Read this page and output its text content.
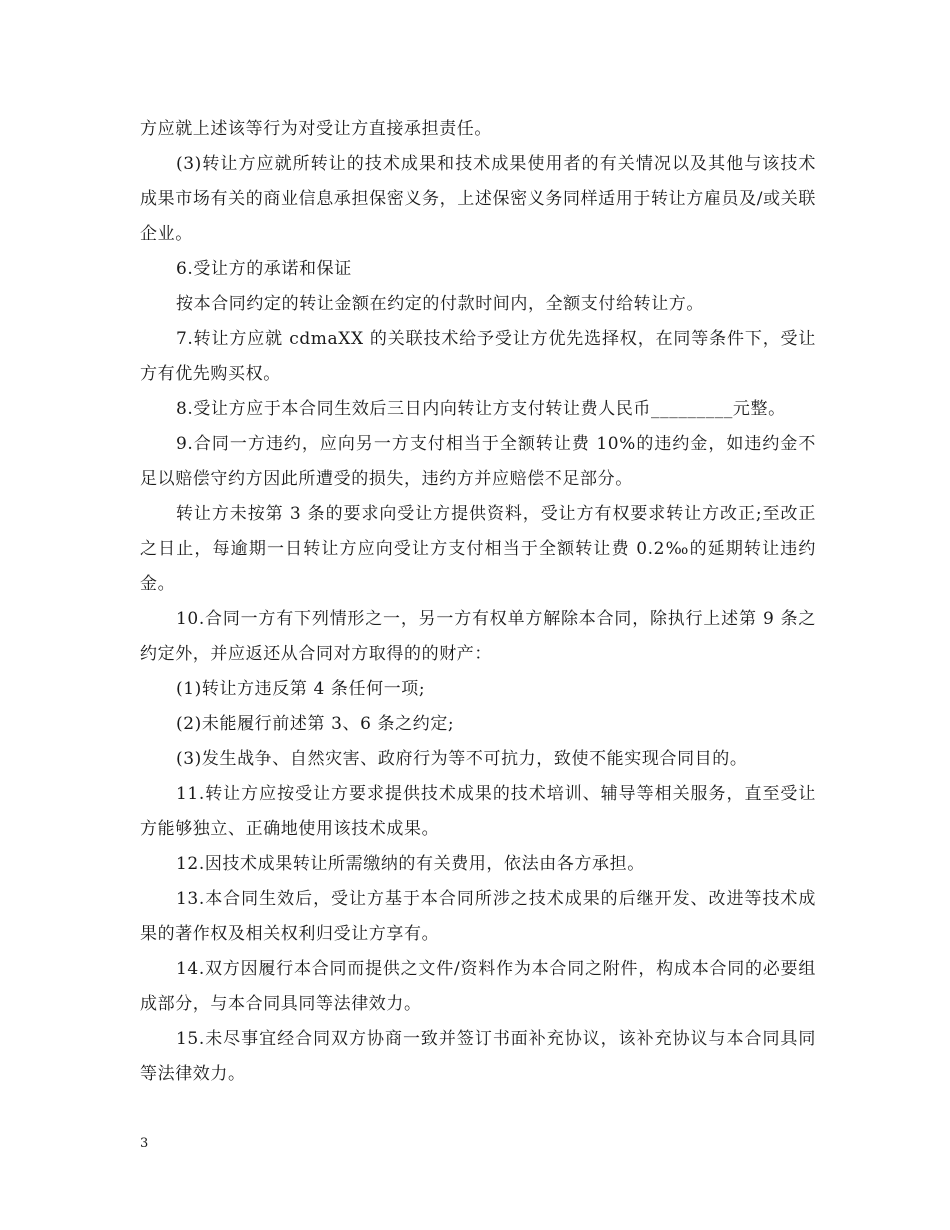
方应就上述该等行为对受让方直接承担责任。

(3)转让方应就所转让的技术成果和技术成果使用者的有关情况以及其他与该技术成果市场有关的商业信息承担保密义务，上述保密义务同样适用于转让方雇员及/或关联企业。

6.受让方的承诺和保证

按本合同约定的转让金额在约定的付款时间内，全额支付给转让方。

7.转让方应就 cdmaXX 的关联技术给予受让方优先选择权，在同等条件下，受让方有优先购买权。

8.受让方应于本合同生效后三日内向转让方支付转让费人民币_________元整。

9.合同一方违约，应向另一方支付相当于全额转让费 10%的违约金，如违约金不足以赔偿守约方因此所遭受的损失，违约方并应赔偿不足部分。

转让方未按第 3 条的要求向受让方提供资料，受让方有权要求转让方改正;至改正之日止，每逾期一日转让方应向受让方支付相当于全额转让费 0.2‰的延期转让违约金。

10.合同一方有下列情形之一，另一方有权单方解除本合同，除执行上述第 9 条之约定外，并应返还从合同对方取得的的财产：

(1)转让方违反第 4 条任何一项;

(2)未能履行前述第 3、6 条之约定;

(3)发生战争、自然灾害、政府行为等不可抗力，致使不能实现合同目的。

11.转让方应按受让方要求提供技术成果的技术培训、辅导等相关服务，直至受让方能够独立、正确地使用该技术成果。

12.因技术成果转让所需缴纳的有关费用，依法由各方承担。

13.本合同生效后，受让方基于本合同所涉之技术成果的后继开发、改进等技术成果的著作权及相关权利归受让方享有。

14.双方因履行本合同而提供之文件/资料作为本合同之附件，构成本合同的必要组成部分，与本合同具同等法律效力。

15.未尽事宜经合同双方协商一致并签订书面补充协议，该补充协议与本合同具同等法律效力。

3
